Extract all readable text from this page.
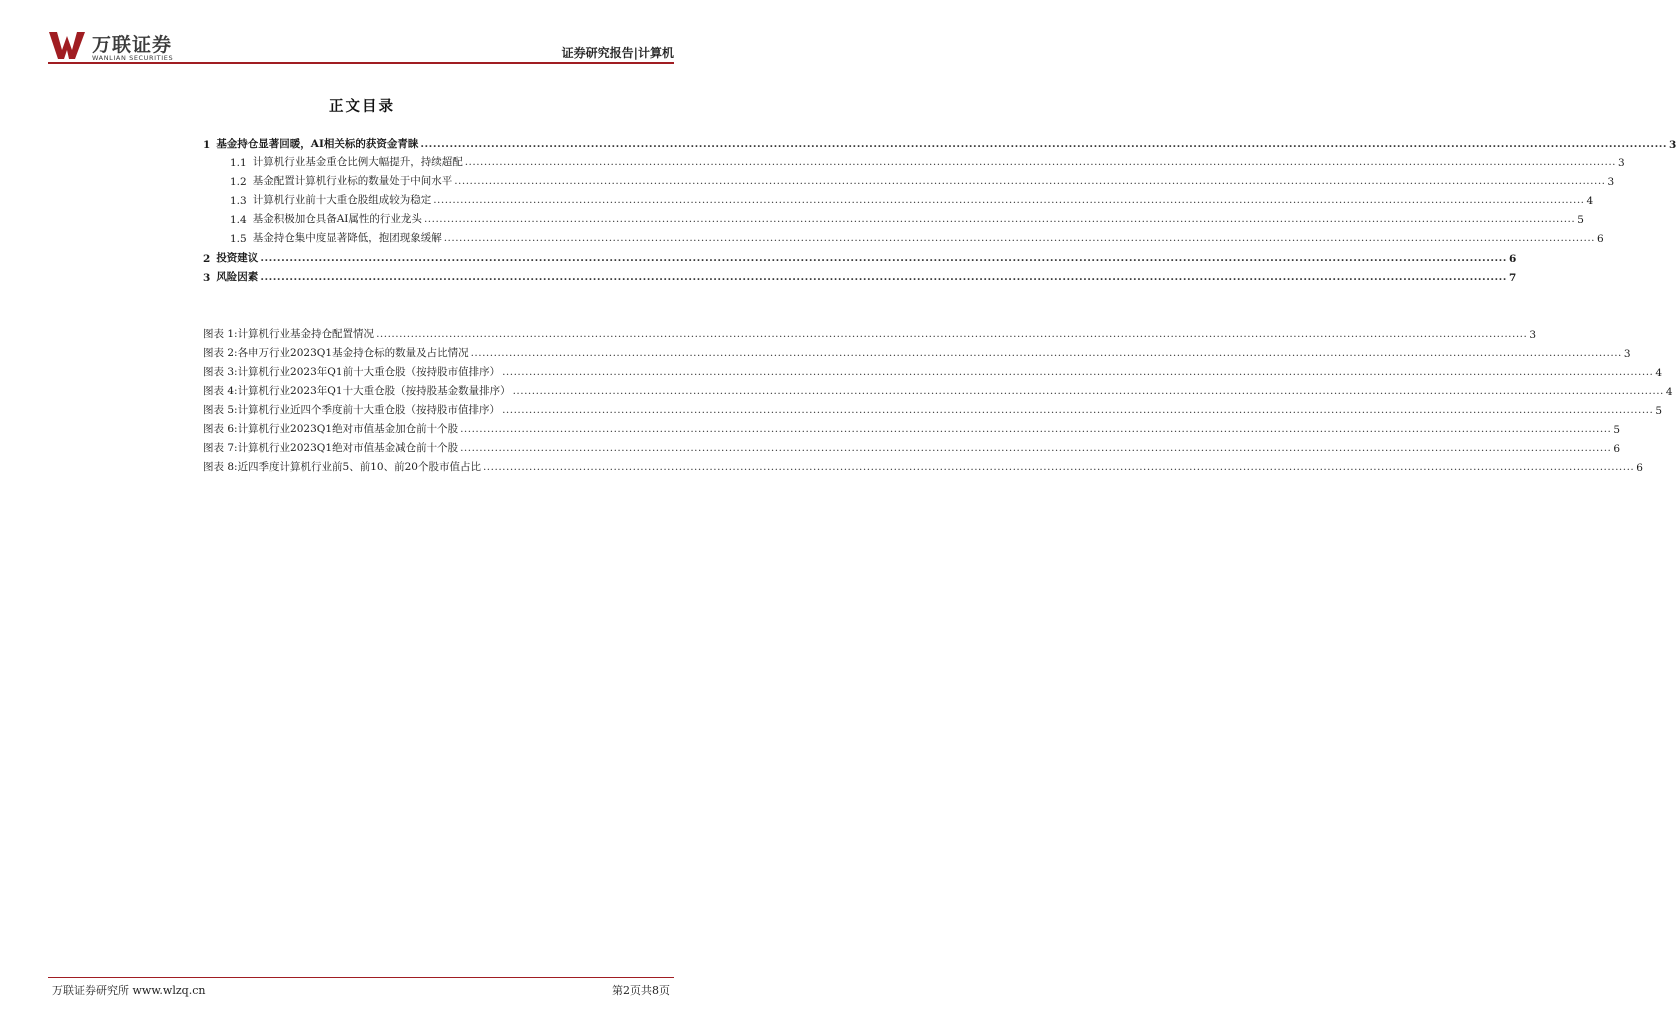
万联证券
WANLIAN SECURITIES	证券研究报告|计算机
正文目录
1 基金持仓显著回暖，AI相关标的获资金青睐 ............................................................................................................................................................................................................................................................................................................ 3
1.1 计算机行业基金重仓比例大幅提升，持续超配 ............................................................................................................................................................................................................................................................................................................ 3
1.2 基金配置计算机行业标的数量处于中间水平 ............................................................................................................................................................................................................................................................................................................ 3
1.3 计算机行业前十大重仓股组成较为稳定 ............................................................................................................................................................................................................................................................................................................ 4
1.4 基金积极加仓具备AI属性的行业龙头 ............................................................................................................................................................................................................................................................................................................ 5
1.5 基金持仓集中度显著降低，抱团现象缓解 ............................................................................................................................................................................................................................................................................................................ 6
2 投资建议 ............................................................................................................................................................................................................................................................................................................ 6
3 风险因素 ............................................................................................................................................................................................................................................................................................................ 7
图表 1: 计算机行业基金持仓配置情况 ............................................................................................................................................................................................................................................................................................................ 3
图表 2: 各申万行业2023Q1基金持仓标的数量及占比情况 ............................................................................................................................................................................................................................................................................................................ 3
图表 3: 计算机行业2023年Q1前十大重仓股（按持股市值排序） ............................................................................................................................................................................................................................................................................................................ 4
图表 4: 计算机行业2023年Q1十大重仓股（按持股基金数量排序） ............................................................................................................................................................................................................................................................................................................ 4
图表 5: 计算机行业近四个季度前十大重仓股（按持股市值排序） ............................................................................................................................................................................................................................................................................................................ 5
图表 6: 计算机行业2023Q1绝对市值基金加仓前十个股 ............................................................................................................................................................................................................................................................................................................ 5
图表 7: 计算机行业2023Q1绝对市值基金减仓前十个股 ............................................................................................................................................................................................................................................................................................................ 6
图表 8: 近四季度计算机行业前5、前10、前20个股市值占比 ............................................................................................................................................................................................................................................................................................................ 6
万联证券研究所 www.wlzq.cn	第2页共8页
